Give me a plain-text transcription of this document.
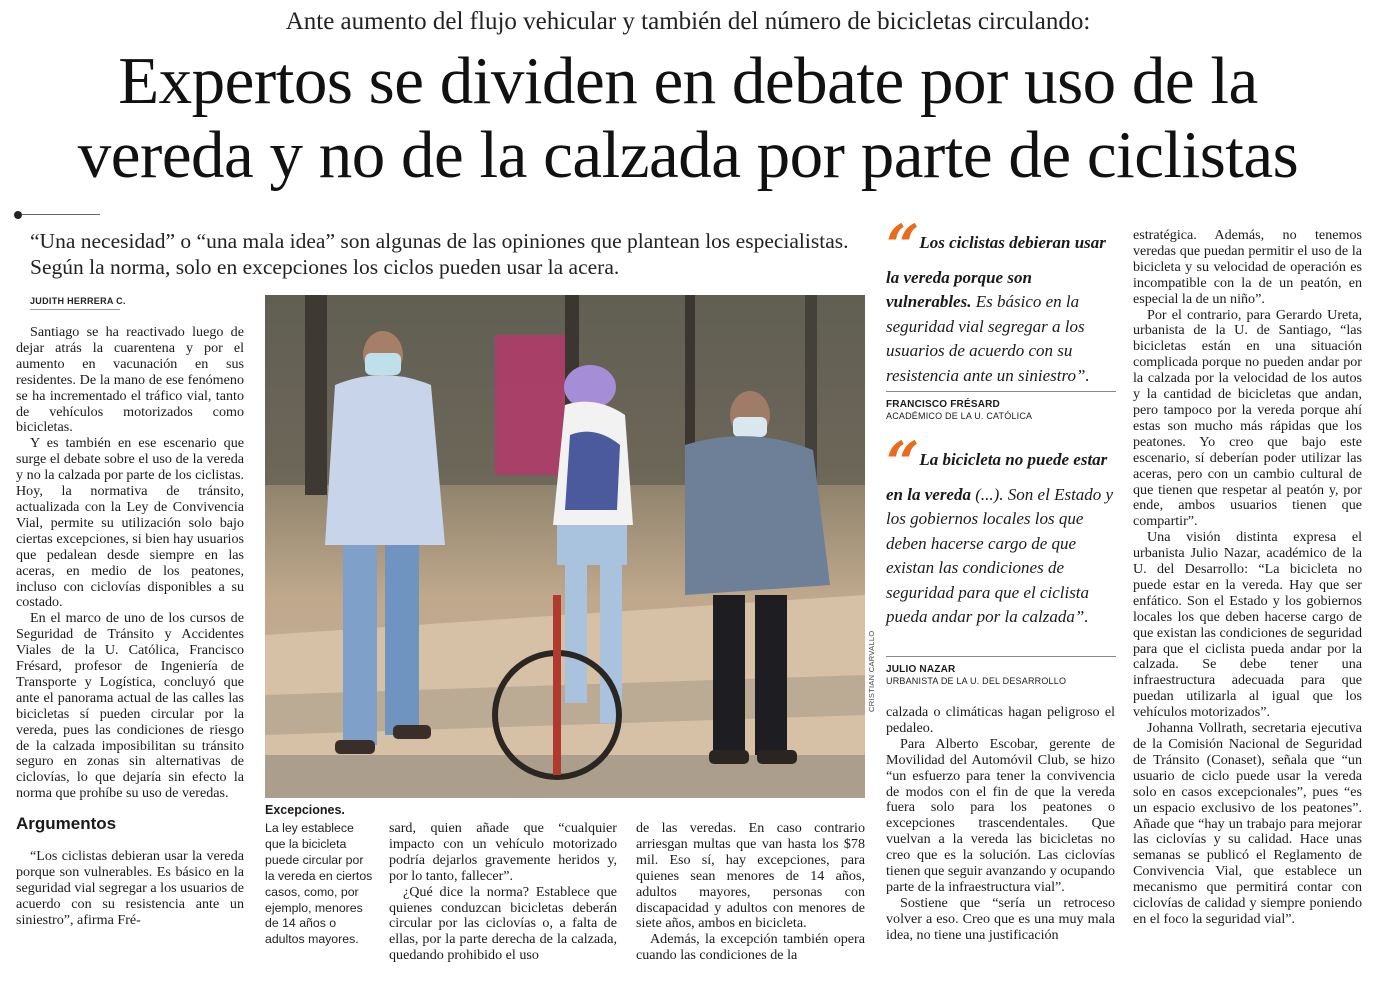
Ante aumento del flujo vehicular y también del número de bicicletas circulando:
Expertos se dividen en debate por uso de la
vereda y no de la calzada por parte de ciclistas
“Una necesidad” o “una mala idea” son algunas de las opiniones que plantean los especialistas. Según la norma, solo en excepciones los ciclos pueden usar la acera.
JUDITH HERRERA C.

Santiago se ha reactivado luego de dejar atrás la cuarentena y por el aumento en vacunación en sus residentes. De la mano de ese fenómeno se ha incrementado el tráfico vial, tanto de vehículos motorizados como bicicletas.

Y es también en ese escenario que surge el debate sobre el uso de la vereda y no la calzada por parte de los ciclistas. Hoy, la normativa de tránsito, actualizada con la Ley de Convivencia Vial, permite su utilización solo bajo ciertas excepciones, si bien hay usuarios que pedalean desde siempre en las aceras, en medio de los peatones, incluso con ciclovías disponibles a su costado.

En el marco de uno de los cursos de Seguridad de Tránsito y Accidentes Viales de la U. Católica, Francisco Frésard, profesor de Ingeniería de Transporte y Logística, concluyó que ante el panorama actual de las calles las bicicletas sí pueden circular por la vereda, pues las condiciones de riesgo de la calzada imposibilitan su tránsito seguro en zonas sin alternativas de ciclovías, lo que dejaría sin efecto la norma que prohíbe su uso de veredas.

Argumentos

“Los ciclistas debieran usar la vereda porque son vulnerables. Es básico en la seguridad vial segregar a los usuarios de acuerdo con su resistencia ante un siniestro”, afirma Fré-

CRISTIAN CARVALLO
Excepciones.
La ley establece que la bicicleta puede circular por la vereda en ciertos casos, como, por ejemplo, menores de 14 años o adultos mayores.

sard, quien añade que “cualquier impacto con un vehículo motorizado podría dejarlos gravemente heridos y, por lo tanto, fallecer”.

¿Qué dice la norma? Establece que quienes conduzcan bicicletas deberán circular por las ciclovías o, a falta de ellas, por la parte derecha de la calzada, quedando prohibido el uso

de las veredas. En caso contrario arriesgan multas que van hasta los $78 mil. Eso sí, hay excepciones, para quienes sean menores de 14 años, adultos mayores, personas con discapacidad y adultos con menores de siete años, ambos en bicicleta.

Además, la excepción también opera cuando las condiciones de la

“ Los ciclistas debieran usar la vereda porque son vulnerables. Es básico en la seguridad vial segregar a los usuarios de acuerdo con su resistencia ante un siniestro”.
FRANCISCO FRÉSARD
ACADÉMICO DE LA U. CATÓLICA
“ La bicicleta no puede estar en la vereda (...). Son el Estado y los gobiernos locales los que deben hacerse cargo de que existan las condiciones de seguridad para que el ciclista pueda andar por la calzada”.
JULIO NAZAR
URBANISTA DE LA U. DEL DESARROLLO

calzada o climáticas hagan peligroso el pedaleo.

Para Alberto Escobar, gerente de Movilidad del Automóvil Club, se hizo “un esfuerzo para tener la convivencia de modos con el fin de que la vereda fuera solo para los peatones o excepciones trascendentales. Que vuelvan a la vereda las bicicletas no creo que es la solución. Las ciclovías tienen que seguir avanzando y ocupando parte de la infraestructura vial”.

Sostiene que “sería un retroceso volver a eso. Creo que es una muy mala idea, no tiene una justificación

estratégica. Además, no tenemos veredas que puedan permitir el uso de la bicicleta y su velocidad de operación es incompatible con la de un peatón, en especial la de un niño”.

Por el contrario, para Gerardo Ureta, urbanista de la U. de Santiago, “las bicicletas están en una situación complicada porque no pueden andar por la calzada por la velocidad de los autos y la cantidad de bicicletas que andan, pero tampoco por la vereda porque ahí estas son mucho más rápidas que los peatones. Yo creo que bajo este escenario, sí deberían poder utilizar las aceras, pero con un cambio cultural de que tienen que respetar al peatón y, por ende, ambos usuarios tienen que compartir”.

Una visión distinta expresa el urbanista Julio Nazar, académico de la U. del Desarrollo: “La bicicleta no puede estar en la vereda. Hay que ser enfático. Son el Estado y los gobiernos locales los que deben hacerse cargo de que existan las condiciones de seguridad para que el ciclista pueda andar por la calzada. Se debe tener una infraestructura adecuada para que puedan utilizarla al igual que los vehículos motorizados”.

Johanna Vollrath, secretaria ejecutiva de la Comisión Nacional de Seguridad de Tránsito (Conaset), señala que “un usuario de ciclo puede usar la vereda solo en casos excepcionales”, pues “es un espacio exclusivo de los peatones”. Añade que “hay un trabajo para mejorar las ciclovías y su calidad. Hace unas semanas se publicó el Reglamento de Convivencia Vial, que establece un mecanismo que permitirá contar con ciclovías de calidad y siempre poniendo en el foco la seguridad vial”.
